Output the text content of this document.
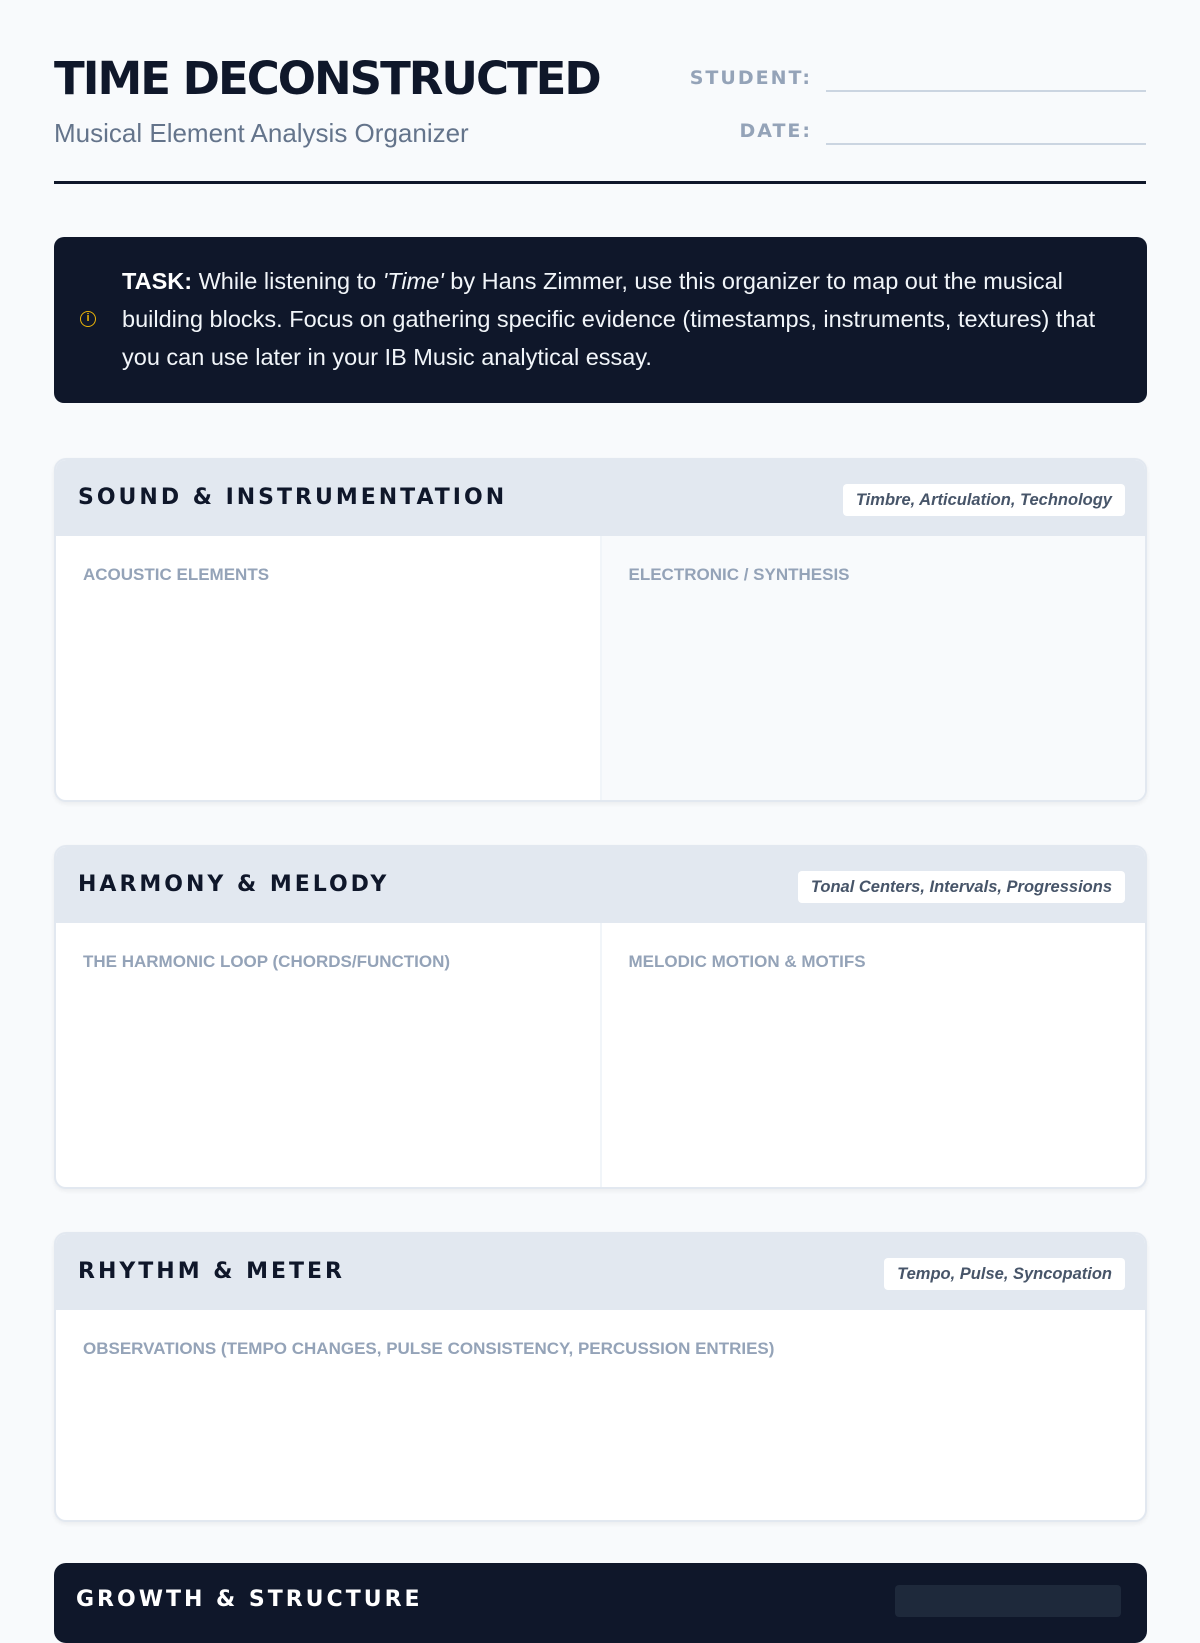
TIME DECONSTRUCTED
Musical Element Analysis Organizer
STUDENT:
DATE:
i

TASK: While listening to 'Time' by Hans Zimmer, use this organizer to map out the musical building blocks. Focus on gathering specific evidence (timestamps, instruments, textures) that you can use later in your IB Music analytical essay.

SOUND & INSTRUMENTATION	Timbre, Articulation, Technology
ACOUSTIC ELEMENTS	ELECTRONIC / SYNTHESIS
HARMONY & MELODY	Tonal Centers, Intervals, Progressions
THE HARMONIC LOOP (CHORDS/FUNCTION)	MELODIC MOTION & MOTIFS
RHYTHM & METER	Tempo, Pulse, Syncopation
OBSERVATIONS (TEMPO CHANGES, PULSE CONSISTENCY, PERCUSSION ENTRIES)
GROWTH & STRUCTURE
